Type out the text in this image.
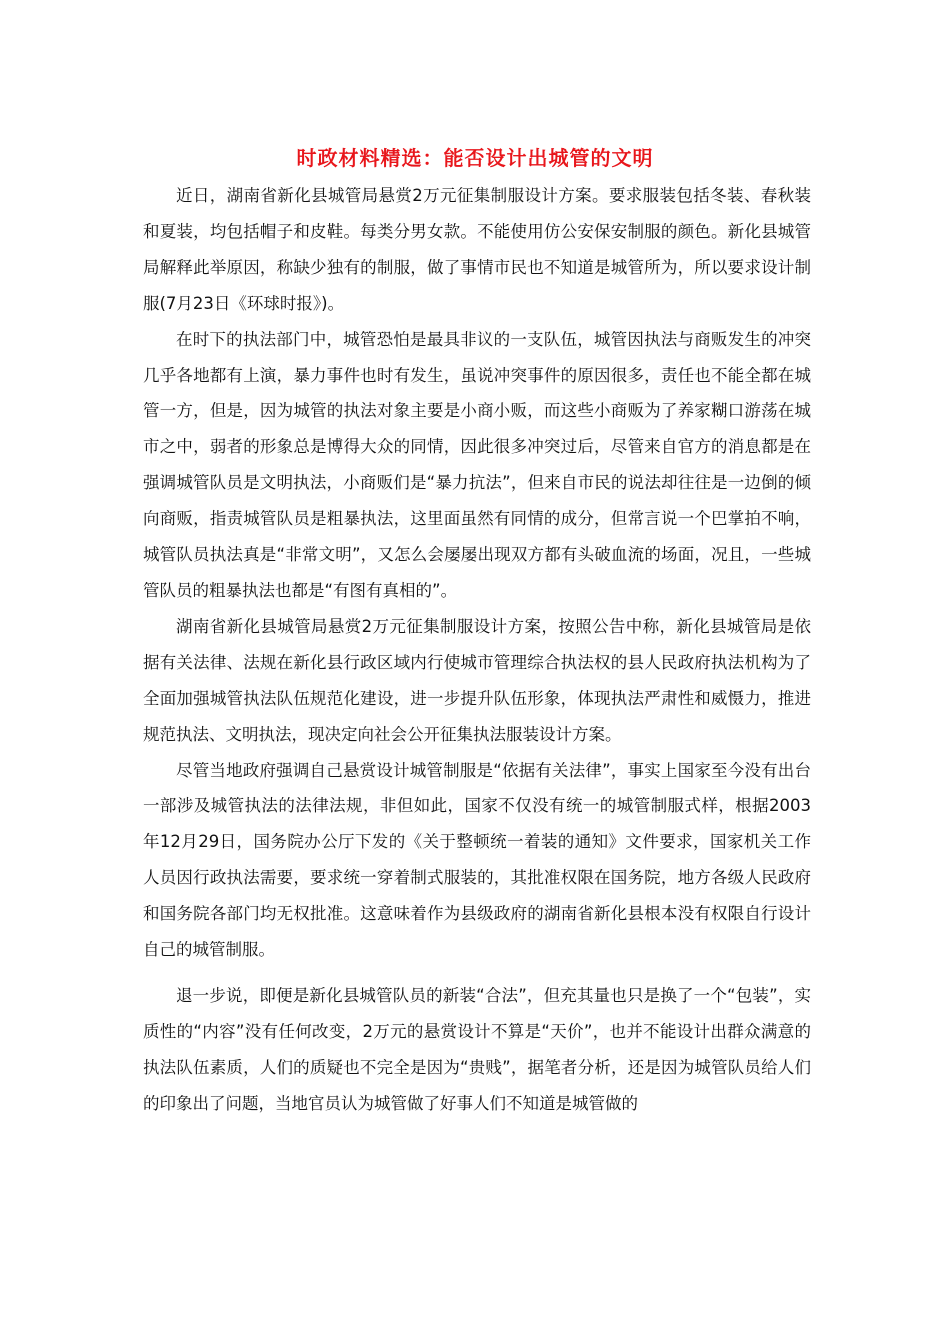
时政材料精选：能否设计出城管的文明

近日，湖南省新化县城管局悬赏2万元征集制服设计方案。要求服装包括冬装、春秋装和夏装，均包括帽子和皮鞋。每类分男女款。不能使用仿公安保安制服的颜色。新化县城管局解释此举原因，称缺少独有的制服，做了事情市民也不知道是城管所为，所以要求设计制服(7月23日《环球时报》)。

在时下的执法部门中，城管恐怕是最具非议的一支队伍，城管因执法与商贩发生的冲突几乎各地都有上演，暴力事件也时有发生，虽说冲突事件的原因很多，责任也不能全都在城管一方，但是，因为城管的执法对象主要是小商小贩，而这些小商贩为了养家糊口游荡在城市之中，弱者的形象总是博得大众的同情，因此很多冲突过后，尽管来自官方的消息都是在强调城管队员是文明执法，小商贩们是“暴力抗法”，但来自市民的说法却往往是一边倒的倾向商贩，指责城管队员是粗暴执法，这里面虽然有同情的成分，但常言说一个巴掌拍不响，城管队员执法真是“非常文明”，又怎么会屡屡出现双方都有头破血流的场面，况且，一些城管队员的粗暴执法也都是“有图有真相的”。

湖南省新化县城管局悬赏2万元征集制服设计方案，按照公告中称，新化县城管局是依据有关法律、法规在新化县行政区域内行使城市管理综合执法权的县人民政府执法机构为了全面加强城管执法队伍规范化建设，进一步提升队伍形象，体现执法严肃性和威慑力，推进规范执法、文明执法，现决定向社会公开征集执法服装设计方案。

尽管当地政府强调自己悬赏设计城管制服是“依据有关法律”，事实上国家至今没有出台一部涉及城管执法的法律法规，非但如此，国家不仅没有统一的城管制服式样，根据2003年12月29日，国务院办公厅下发的《关于整顿统一着装的通知》文件要求，国家机关工作人员因行政执法需要，要求统一穿着制式服装的，其批准权限在国务院，地方各级人民政府和国务院各部门均无权批准。这意味着作为县级政府的湖南省新化县根本没有权限自行设计自己的城管制服。

退一步说，即便是新化县城管队员的新装“合法”，但充其量也只是换了一个“包装”，实质性的“内容”没有任何改变，2万元的悬赏设计不算是“天价”，也并不能设计出群众满意的执法队伍素质，人们的质疑也不完全是因为“贵贱”，据笔者分析，还是因为城管队员给人们的印象出了问题，当地官员认为城管做了好事人们不知道是城管做的
